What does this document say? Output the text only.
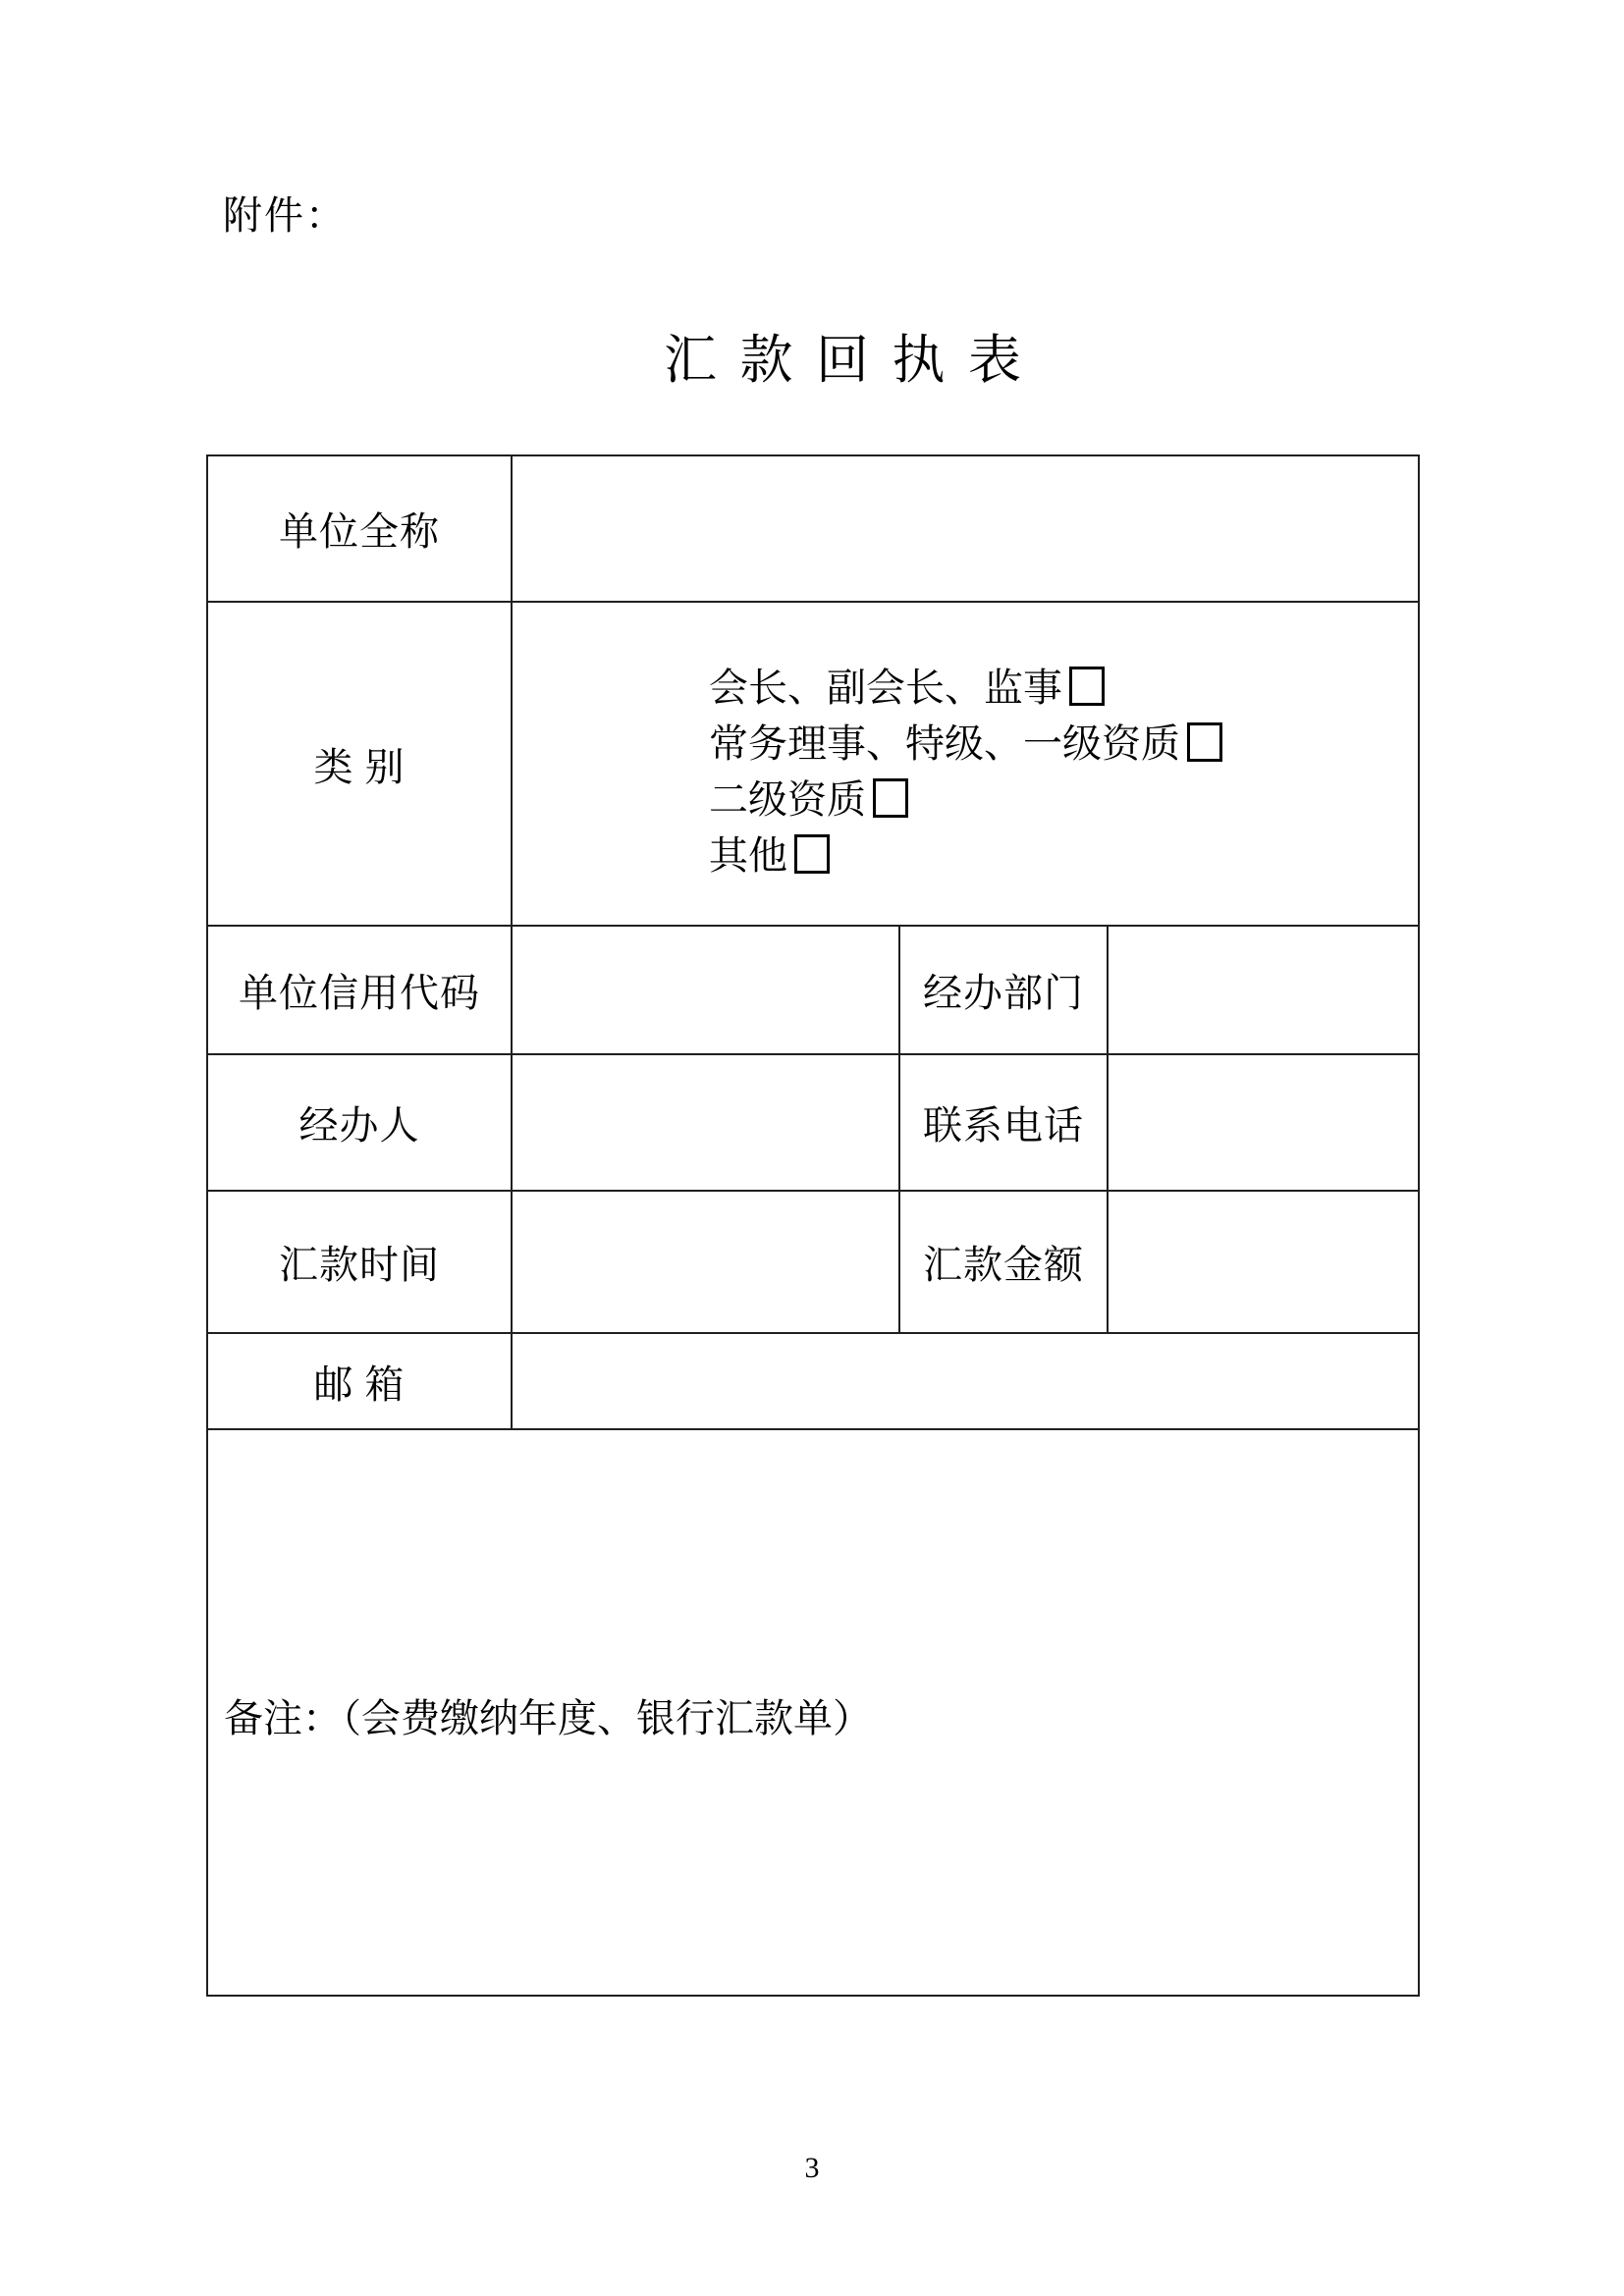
附件：
汇 款 回 执 表
单位全称			
类 别	会长、副会长、监事
常务理事、特级、一级资质
二级资质
其他		

单位信用代码		经办部门	
经办人		联系电话	
汇款时间		汇款金额	
邮 箱			
备注：（会费缴纳年度、银行汇款单）			
3
